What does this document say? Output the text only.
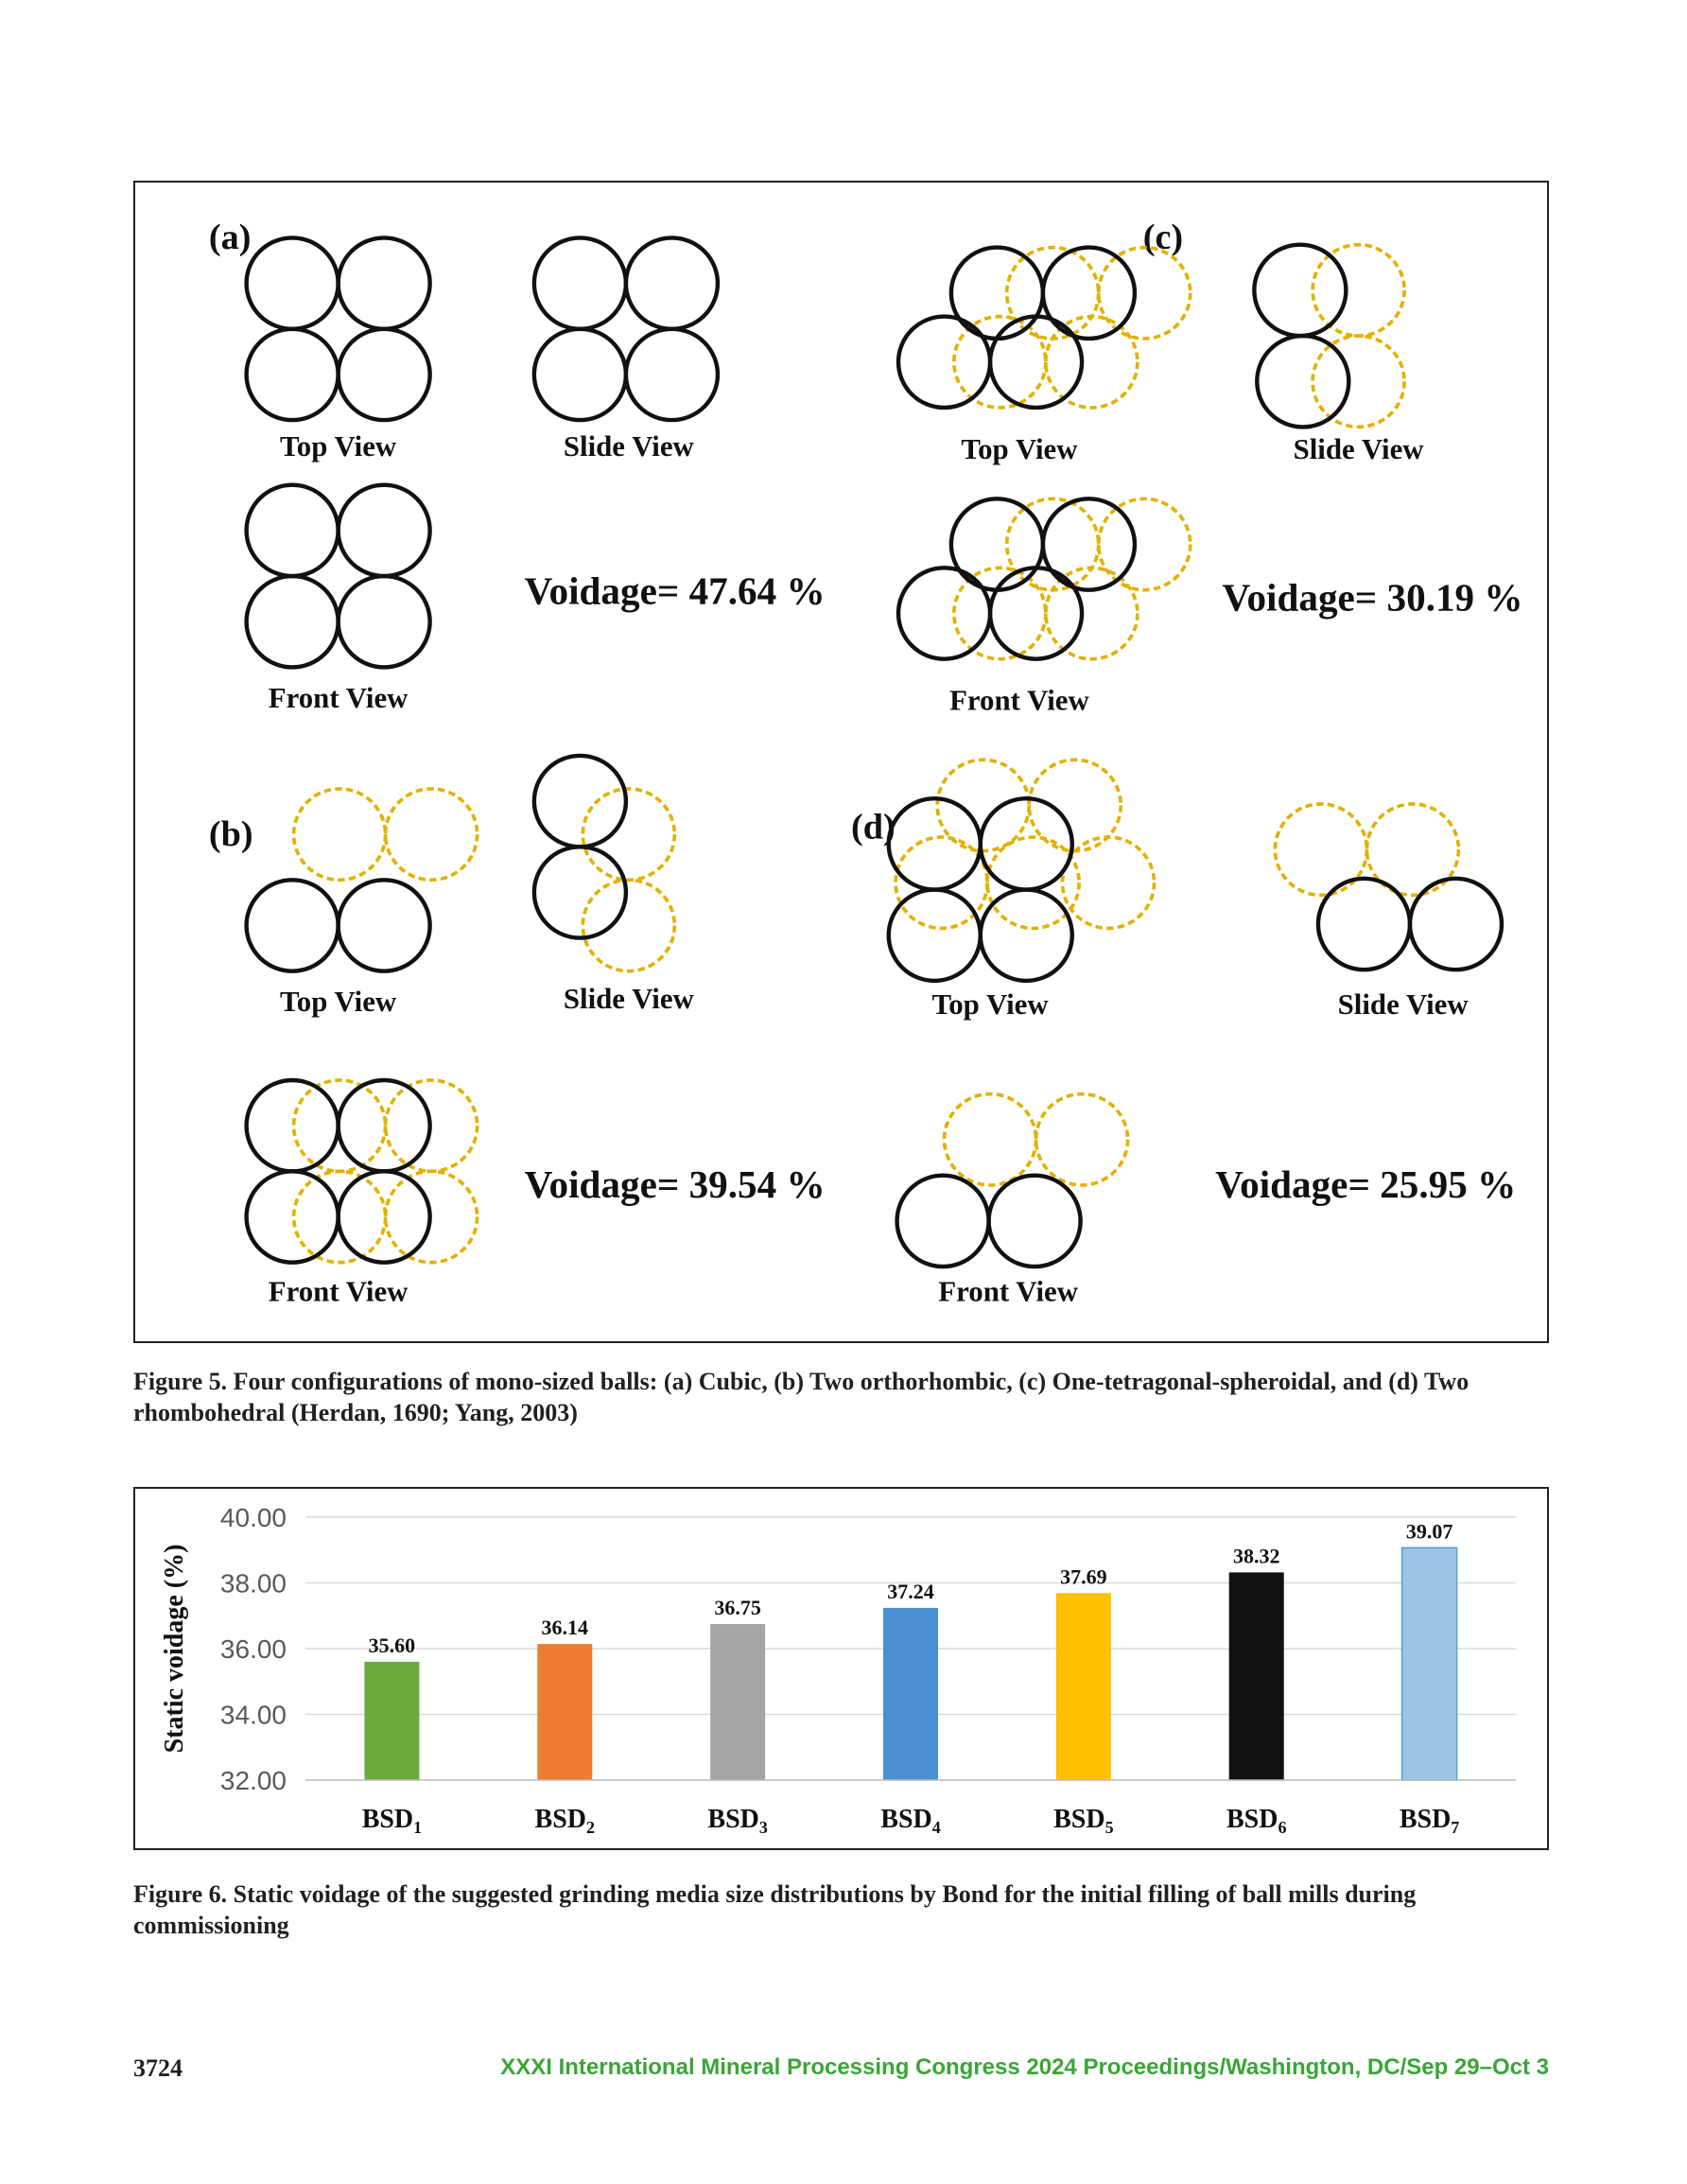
(a)
Top View	Slide View
Front View
Voidage= 47.64 %
(b)
Top View	Slide View
Front View
Voidage= 39.54 %
(c)
Top View	Slide View
Front View
Voidage= 30.19 %
(d)
Top View	Slide View
Front View
Voidage= 25.95 %
Figure 5. Four configurations of mono-sized balls: (a) Cubic, (b) Two orthorhombic, (c) One-tetragonal-spheroidal, and (d) Two rhombohedral (Herdan, 1690; Yang, 2003)
32.00
34.00
36.00
38.00
40.00
Static voidage (%)	35.60
$BSD_1$
36.14
$BSD_2$
36.75
$BSD_3$
37.24
$BSD_4$
37.69
$BSD_5$
38.32
$BSD_6$
39.07
$BSD_7$
Figure 6. Static voidage of the suggested grinding media size distributions by Bond for the initial filling of ball mills during commissioning
3724	XXXI International Mineral Processing Congress 2024 Proceedings/Washington, DC/Sep 29–Oct 3
